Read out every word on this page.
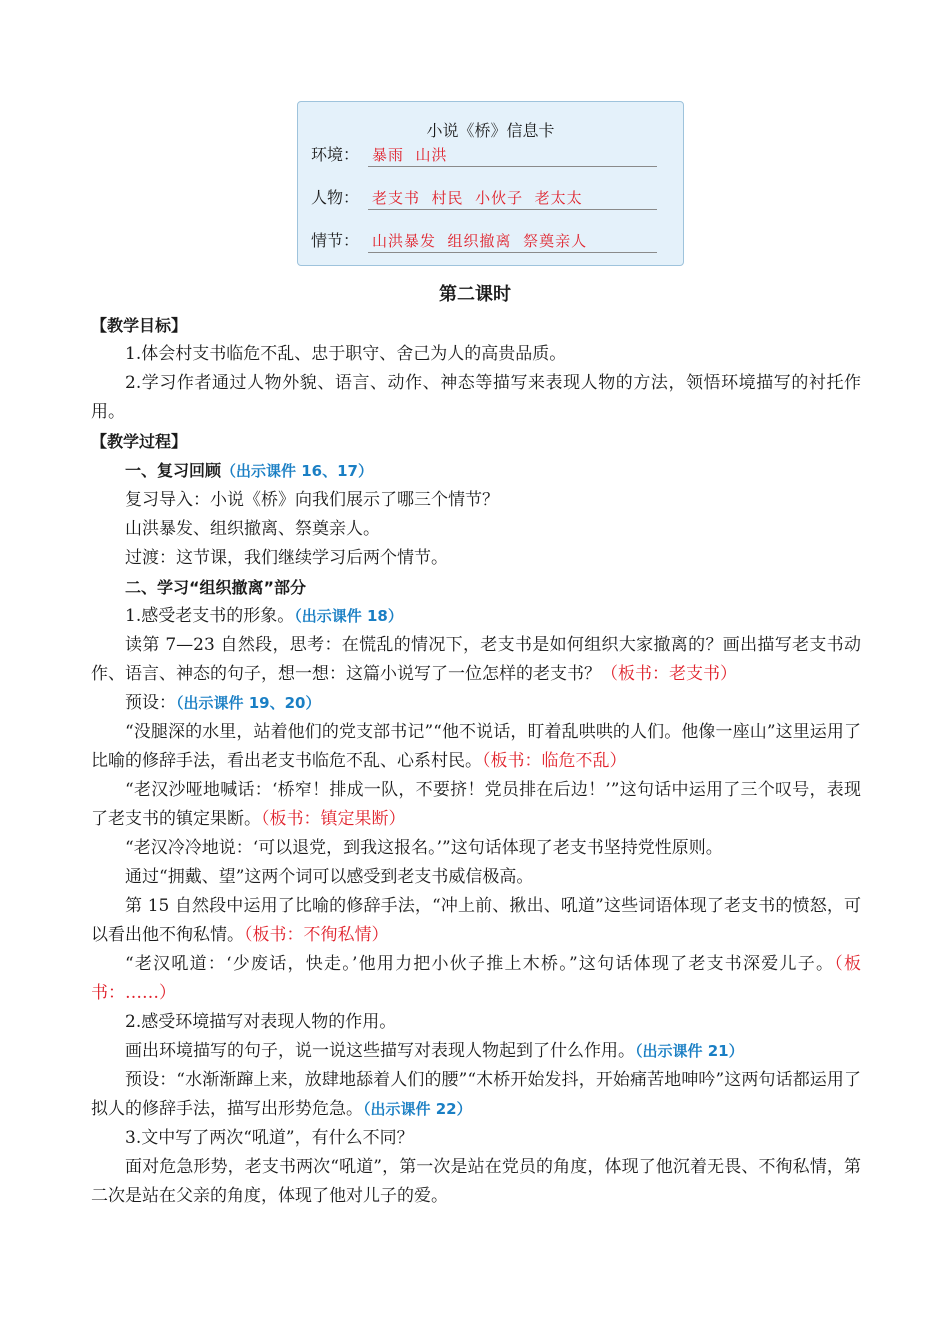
小说《桥》信息卡
环境： 暴雨  山洪
人物： 老支书  村民  小伙子  老太太
情节： 山洪暴发  组织撤离  祭奠亲人
第二课时

【教学目标】

1.体会村支书临危不乱、忠于职守、舍己为人的高贵品质。

2.学习作者通过人物外貌、语言、动作、神态等描写来表现人物的方法，领悟环境描写的衬托作用。

【教学过程】

一、复习回顾（出示课件 16、17）

复习导入：小说《桥》向我们展示了哪三个情节？

山洪暴发、组织撤离、祭奠亲人。

过渡：这节课，我们继续学习后两个情节。

二、学习“组织撤离”部分

1.感受老支书的形象。（出示课件 18）

读第 7—23 自然段，思考：在慌乱的情况下，老支书是如何组织大家撤离的？画出描写老支书动作、语言、神态的句子，想一想：这篇小说写了一位怎样的老支书？（板书：老支书）

预设：（出示课件 19、20）

“没腿深的水里，站着他们的党支部书记”“他不说话，盯着乱哄哄的人们。他像一座山”这里运用了比喻的修辞手法，看出老支书临危不乱、心系村民。（板书：临危不乱）

“老汉沙哑地喊话：‘桥窄！排成一队，不要挤！党员排在后边！’”这句话中运用了三个叹号，表现了老支书的镇定果断。（板书：镇定果断）

“老汉冷冷地说：‘可以退党，到我这报名。’”这句话体现了老支书坚持党性原则。

通过“拥戴、望”这两个词可以感受到老支书威信极高。

第 15 自然段中运用了比喻的修辞手法，“冲上前、揪出、吼道”这些词语体现了老支书的愤怒，可以看出他不徇私情。（板书：不徇私情）

“老汉吼道：‘少废话，快走。’他用力把小伙子推上木桥。”这句话体现了老支书深爱儿子。（板书：……）

2.感受环境描写对表现人物的作用。

画出环境描写的句子，说一说这些描写对表现人物起到了什么作用。（出示课件 21）

预设：“水渐渐蹿上来，放肆地舔着人们的腰”“木桥开始发抖，开始痛苦地呻吟”这两句话都运用了拟人的修辞手法，描写出形势危急。（出示课件 22）

3.文中写了两次“吼道”，有什么不同？

面对危急形势，老支书两次“吼道”，第一次是站在党员的角度，体现了他沉着无畏、不徇私情，第二次是站在父亲的角度，体现了他对儿子的爱。
